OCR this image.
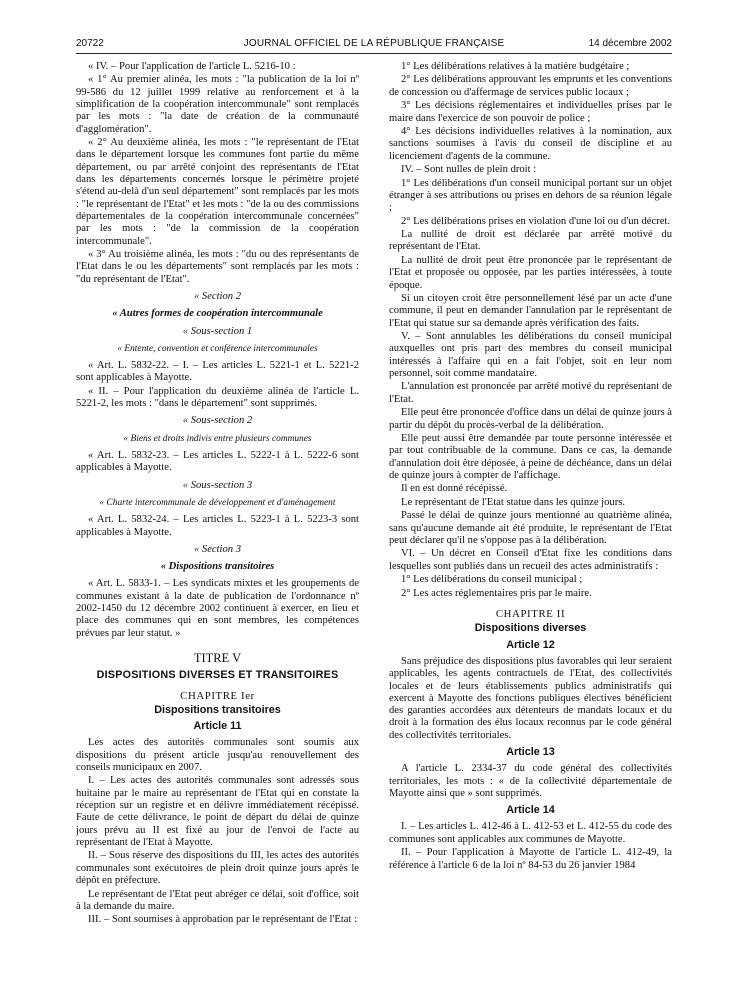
20722	JOURNAL OFFICIEL DE LA RÉPUBLIQUE FRANÇAISE	14 décembre 2002

« IV. – Pour l'application de l'article L. 5216-10 :

« 1° Au premier alinéa, les mots : "la publication de la loi nº 99-586 du 12 juillet 1999 relative au renforcement et à la simplification de la coopération intercommunale" sont remplacés par les mots : "la date de création de la communauté d'agglomération".

« 2° Au deuxième alinéa, les mots : "le représentant de l'Etat dans le département lorsque les communes font partie du même département, ou par arrêté conjoint des représentants de l'Etat dans les départements concernés lorsque le périmètre projeté s'étend au-delà d'un seul département" sont remplacés par les mots : "le représentant de l'Etat" et les mots : "de la ou des commissions départementales de la coopération intercommunale concernées" par les mots : "de la commission de la coopération intercommunale".

« 3° Au troisième alinéa, les mots : "du ou des représentants de l'Etat dans le ou les départements" sont remplacés par les mots : "du représentant de l'Etat".

« Section 2

« Autres formes de coopération intercommunale

« Sous-section 1

« Entente, convention et conférence intercommunales

« Art. L. 5832-22. – I. – Les articles L. 5221-1 et L. 5221-2 sont applicables à Mayotte.

« II. – Pour l'application du deuxième alinéa de l'article L. 5221-2, les mots : "dans le département" sont supprimés.

« Sous-section 2

« Biens et droits indivis entre plusieurs communes

« Art. L. 5832-23. – Les articles L. 5222-1 à L. 5222-6 sont applicables à Mayotte.

« Sous-section 3

« Charte intercommunale de développement et d'aménagement

« Art. L. 5832-24. – Les articles L. 5223-1 à L. 5223-3 sont applicables à Mayotte.

« Section 3

« Dispositions transitoires

« Art. L. 5833-1. – Les syndicats mixtes et les groupements de communes existant à la date de publication de l'ordonnance nº 2002-1450 du 12 décembre 2002 continuent à exercer, en lieu et place des communes qui en sont membres, les compétences prévues par leur statut. »

TITRE V

DISPOSITIONS DIVERSES ET TRANSITOIRES

CHAPITRE Ier

Dispositions transitoires

Article 11

Les actes des autorités communales sont soumis aux dispositions du présent article jusqu'au renouvellement des conseils municipaux en 2007.

I. – Les actes des autorités communales sont adressés sous huitaine par le maire au représentant de l'Etat qui en constate la réception sur un registre et en délivre immédiatement récépissé. Faute de cette délivrance, le point de départ du délai de quinze jours prévu au II est fixé au jour de l'envoi de l'acte au représentant de l'Etat à Mayotte.

II. – Sous réserve des dispositions du III, les actes des autorités communales sont exécutoires de plein droit quinze jours après le dépôt en préfecture.

Le représentant de l'Etat peut abréger ce délai, soit d'office, soit à la demande du maire.

III. – Sont soumises à approbation par le représentant de l'Etat :

1° Les délibérations relatives à la matière budgétaire ;

2° Les délibérations approuvant les emprunts et les conventions de concession ou d'affermage de services public locaux ;

3° Les décisions réglementaires et individuelles prises par le maire dans l'exercice de son pouvoir de police ;

4° Les décisions individuelles relatives à la nomination, aux sanctions soumises à l'avis du conseil de discipline et au licenciement d'agents de la commune.

IV. – Sont nulles de plein droit :

1° Les délibérations d'un conseil municipal portant sur un objet étranger à ses attributions ou prises en dehors de sa réunion légale ;

2° Les délibérations prises en violation d'une loi ou d'un décret.

La nullité de droit est déclarée par arrêté motivé du représentant de l'Etat.

La nullité de droit peut être prononcée par le représentant de l'Etat et proposée ou opposée, par les parties intéressées, à toute époque.

Si un citoyen croit être personnellement lésé par un acte d'une commune, il peut en demander l'annulation par le représentant de l'Etat qui statue sur sa demande après vérification des faits.

V. – Sont annulables les délibérations du conseil municipal auxquelles ont pris part des membres du conseil municipal intéressés à l'affaire qui en a fait l'objet, soit en leur nom personnel, soit comme mandataire.

L'annulation est prononcée par arrêté motivé du représentant de l'Etat.

Elle peut être prononcée d'office dans un délai de quinze jours à partir du dépôt du procès-verbal de la délibération.

Elle peut aussi être demandée par toute personne intéressée et par tout contribuable de la commune. Dans ce cas, la demande d'annulation doit être déposée, à peine de déchéance, dans un délai de quinze jours à compter de l'affichage.

Il en est donné récépissé.

Le représentant de l'Etat statue dans les quinze jours.

Passé le délai de quinze jours mentionné au quatrième alinéa, sans qu'aucune demande ait été produite, le représentant de l'Etat peut déclarer qu'il ne s'oppose pas à la délibération.

VI. – Un décret en Conseil d'Etat fixe les conditions dans lesquelles sont publiés dans un recueil des actes administratifs :

1° Les délibérations du conseil municipal ;

2° Les actes réglementaires pris par le maire.

CHAPITRE II

Dispositions diverses

Article 12

Sans préjudice des dispositions plus favorables qui leur seraient applicables, les agents contractuels de l'Etat, des collectivités locales et de leurs établissements publics administratifs qui exercent à Mayotte des fonctions publiques électives bénéficient des garanties accordées aux détenteurs de mandats locaux et du droit à la formation des élus locaux reconnus par le code général des collectivités territoriales.

Article 13

A l'article L. 2334-37 du code général des collectivités territoriales, les mots : « de la collectivité départementale de Mayotte ainsi que » sont supprimés.

Article 14

I. – Les articles L. 412-46 à L. 412-53 et L. 412-55 du code des communes sont applicables aux communes de Mayotte.

II. – Pour l'application à Mayotte de l'article L. 412-49, la référence à l'article 6 de la loi nº 84-53 du 26 janvier 1984
